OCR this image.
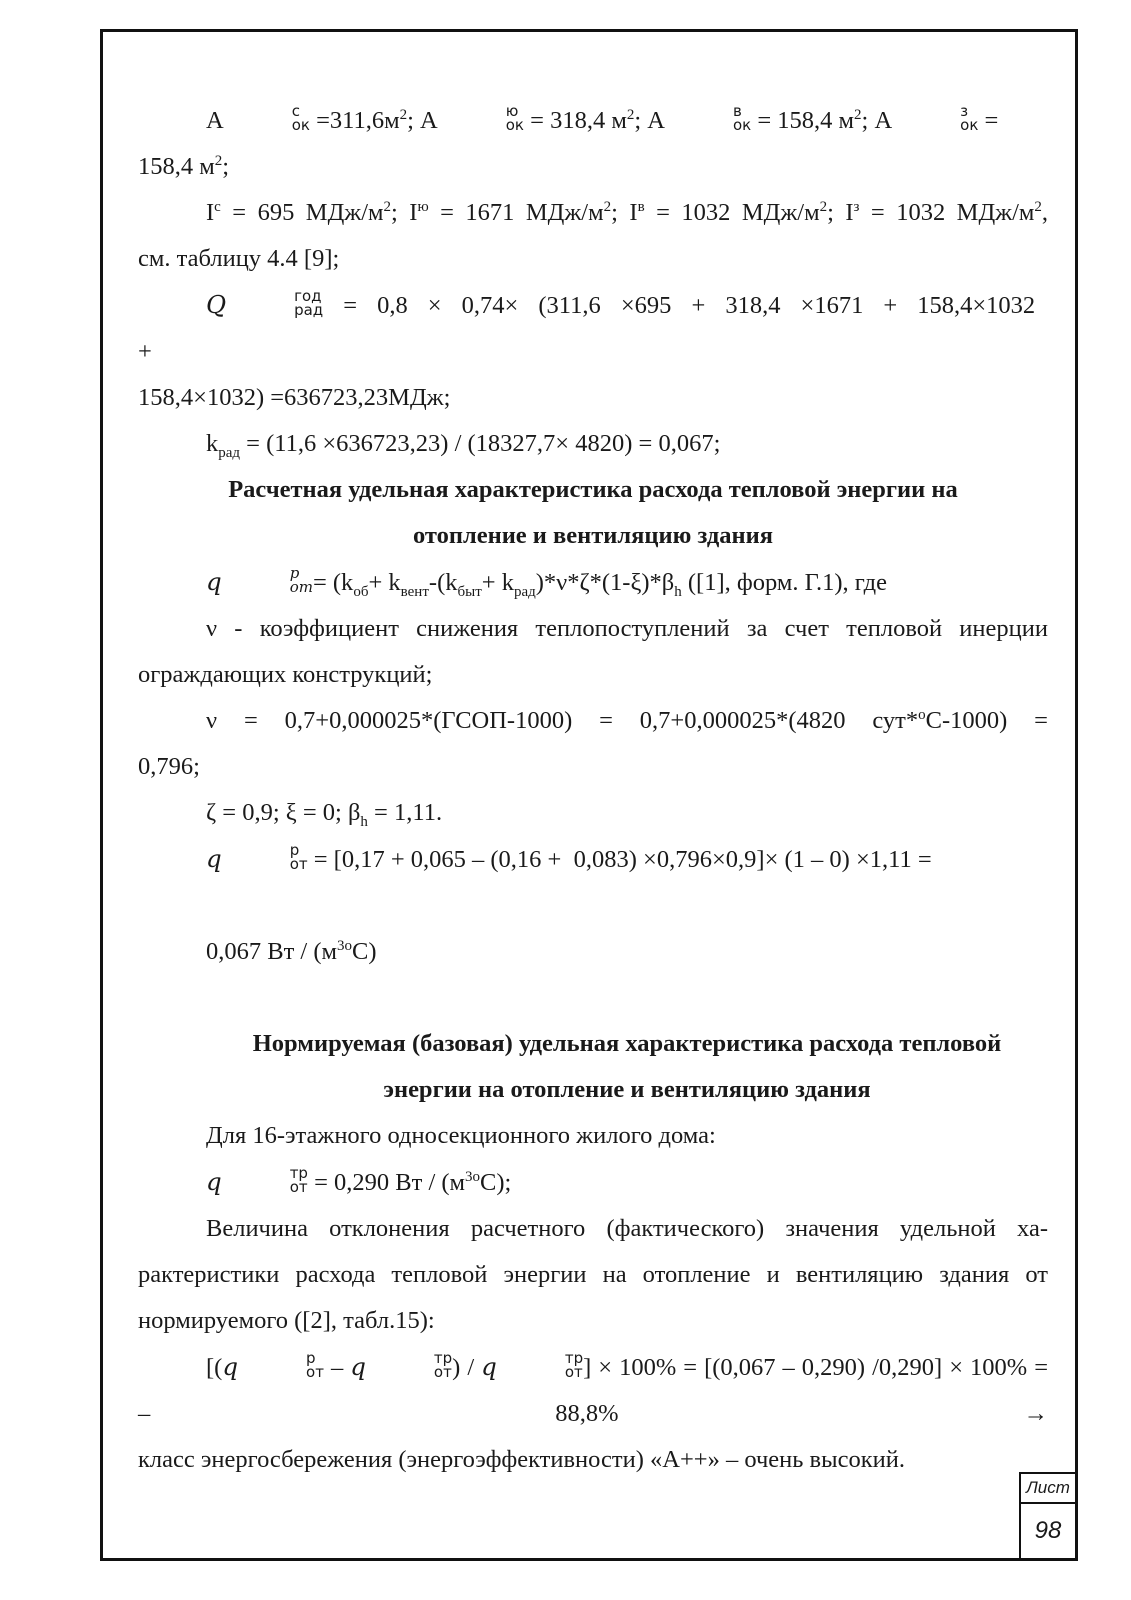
A	с
ок $=311,6м^2$; A	ю
ок = 318,4 $м^2$; A	в
ок = 158,4 $м^2$; A	з
ок = 158,4 $м^2$;

$I^с = 695$ МДж/$м^2$; $I^ю = 1671$ МДж/$м^2$; $I^в = 1032$ МДж/$м^2$; $I^з = 1032$ МДж/$м^2$,

см. таблицу 4.4 [9];

Q	год
рад =   0,8   ×   0,74×   (311,6   ×695   +   318,4   ×1671   +   158,4×1032   +

158,4×1032) =636723,23МДж;

$k_{рад} = (11,6 \times 636723,23) / (18327,7\times 4820) = 0,067$;

Расчетная удельная характеристика расхода тепловой энергии на

отопление и вентиляцию здания

q	p
от = ($k_{об}+ k_{вент}-(k_{быт}+ k_{рад})*\nu*\zeta*(1-\xi)*\beta_h$ ([1], форм. Г.1), где

ν - коэффициент снижения теплопоступлений за счет тепловой инерции

ограждающих конструкций;

ν   =   0,7+0,000025*(ГСОП-1000)   =   0,7+0,000025*(4820   сут*$^о$С-1000)   =

0,796;

ζ = 0,9; ξ = 0; $\beta_h = 1,11$.

q	р
от = [0,17 + 0,065 – (0,16 +  0,083) ×0,796×0,9]× (1 – 0) ×1,11 =

0,067 Вт / $(м^{3о}С)$

Нормируемая (базовая) удельная характеристика расхода тепловой

энергии на отопление и вентиляцию здания

Для 16-этажного односекционного жилого дома:

q	тр
от = 0,290 Вт / $(м^{3о}С)$;

Величина отклонения расчетного (фактического) значения удельной ха-

рактеристики расхода тепловой энергии на отопление и вентиляцию здания от

нормируемого ([2], табл.15):

[(q	р
от – q	тр
от ) / q	тр
от ] × 100% = [(0,067 – 0,290) /0,290] × 100% = – 88,8% →

класс энергосбережения (энергоэффективности) «А++» – очень высокий.

Лист
98
